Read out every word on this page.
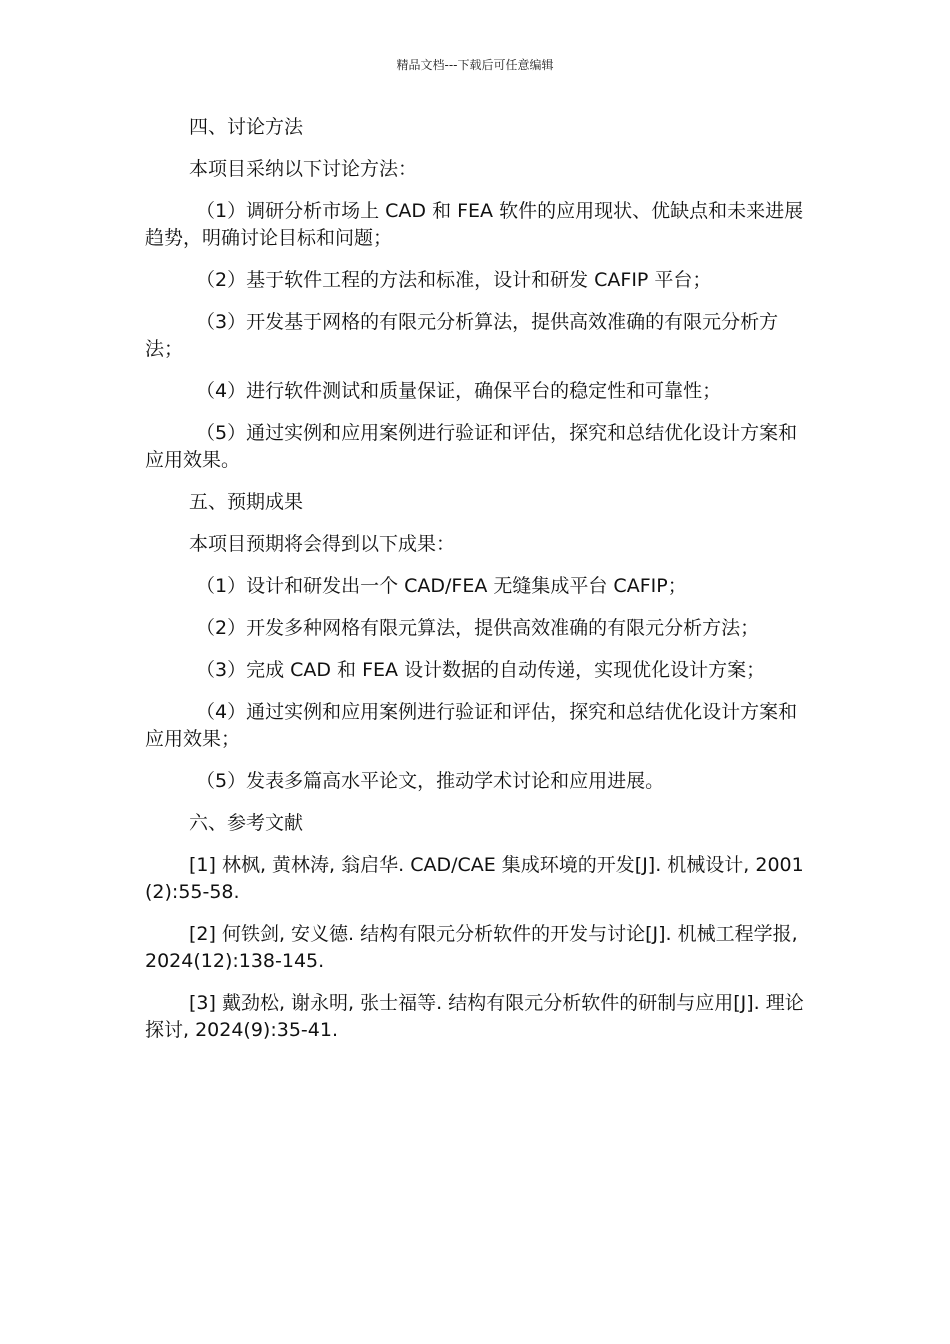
精品文档---下载后可任意编辑

四、讨论方法

本项目采纳以下讨论方法：

（1）调研分析市场上 CAD 和 FEA 软件的应用现状、优缺点和未来进展趋势，明确讨论目标和问题；

（2）基于软件工程的方法和标准，设计和研发 CAFIP 平台；

（3）开发基于网格的有限元分析算法，提供高效准确的有限元分析方法；

（4）进行软件测试和质量保证，确保平台的稳定性和可靠性；

（5）通过实例和应用案例进行验证和评估，探究和总结优化设计方案和应用效果。

五、预期成果

本项目预期将会得到以下成果：

（1）设计和研发出一个 CAD/FEA 无缝集成平台 CAFIP；

（2）开发多种网格有限元算法，提供高效准确的有限元分析方法；

（3）完成 CAD 和 FEA 设计数据的自动传递，实现优化设计方案；

（4）通过实例和应用案例进行验证和评估，探究和总结优化设计方案和应用效果；

（5）发表多篇高水平论文，推动学术讨论和应用进展。

六、参考文献

[1] 林枫, 黄林涛, 翁启华. CAD/CAE 集成环境的开发[J]. 机械设计, 2001(2):55-58.

[2] 何铁剑, 安义德. 结构有限元分析软件的开发与讨论[J]. 机械工程学报, 2024(12):138-145.

[3] 戴劲松, 谢永明, 张士福等. 结构有限元分析软件的研制与应用[J]. 理论探讨, 2024(9):35-41.
